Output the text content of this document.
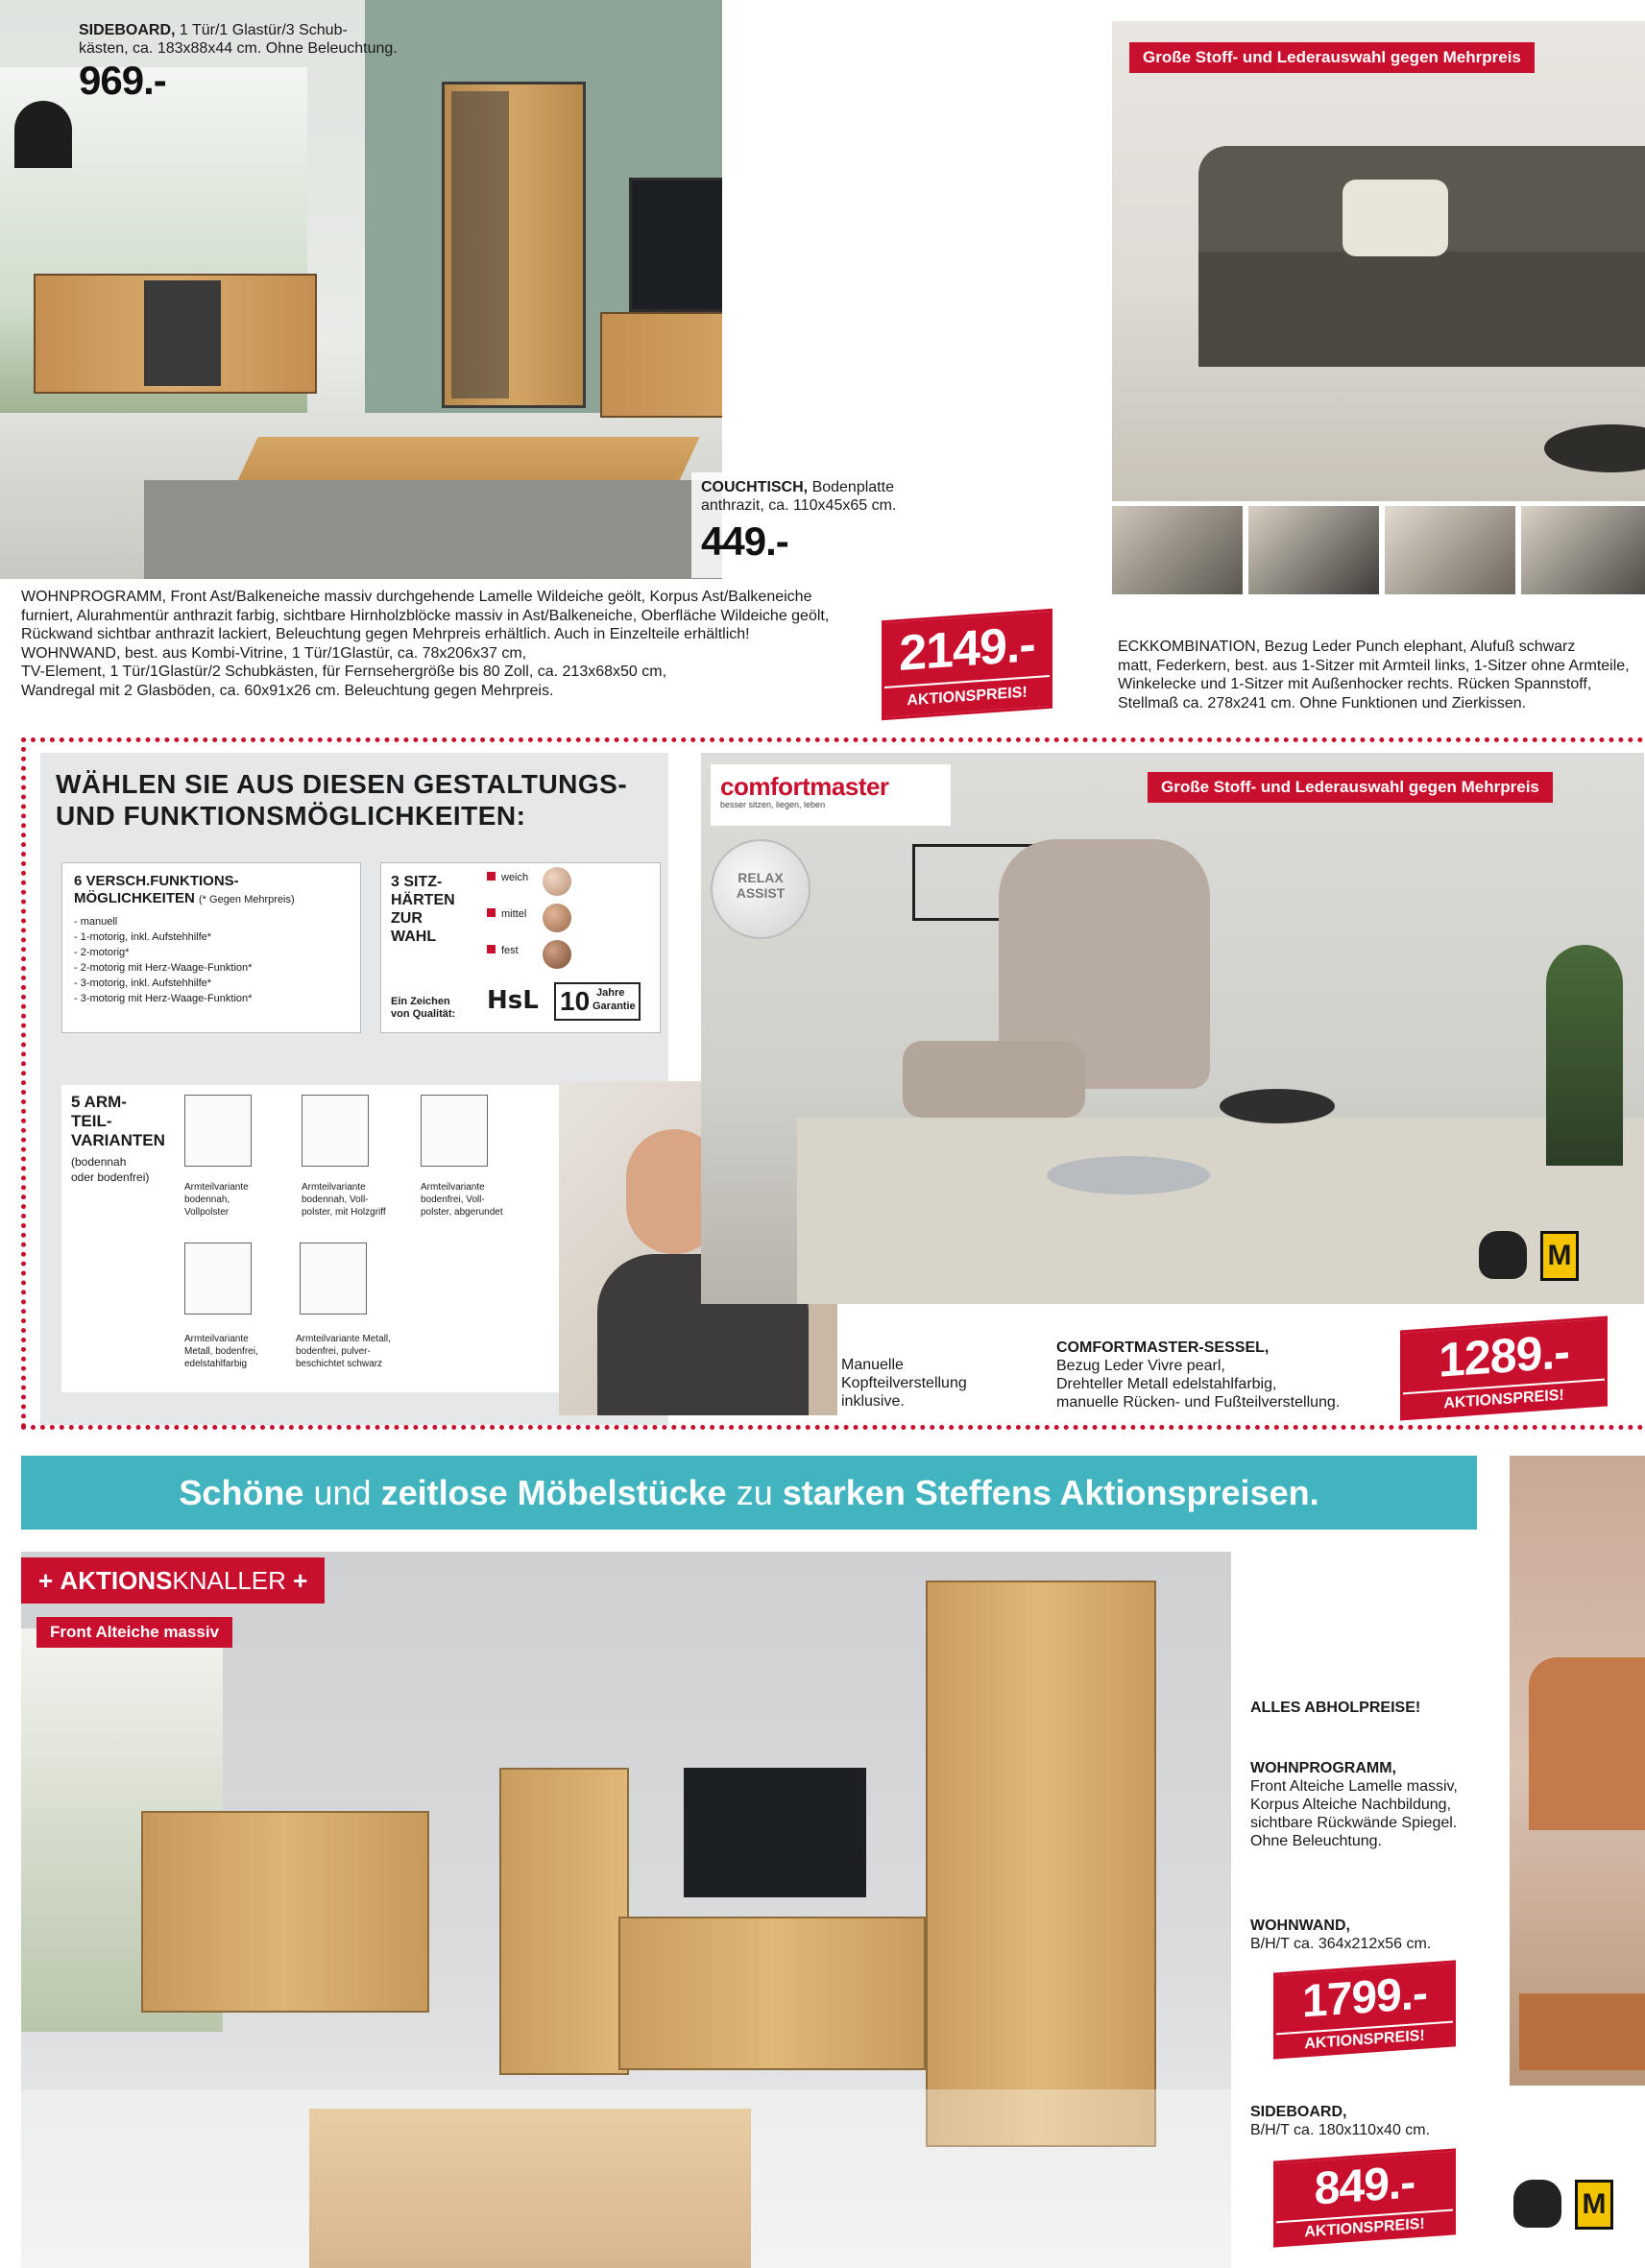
SIDEBOARD, 1 Tür/1 Glastür/3 Schub-
kästen, ca. 183x88x44 cm. Ohne Beleuchtung.
969.-
COUCHTISCH, Bodenplatte
anthrazit, ca. 110x45x65 cm.
449.-
WOHNPROGRAMM, Front Ast/Balkeneiche massiv durchgehende Lamelle Wildeiche geölt, Korpus Ast/Balkeneiche
furniert, Alurahmentür anthrazit farbig, sichtbare Hirnholzblöcke massiv in Ast/Balkeneiche, Oberfläche Wildeiche geölt,
Rückwand sichtbar anthrazit lackiert, Beleuchtung gegen Mehrpreis erhältlich. Auch in Einzelteile erhältlich!
WOHNWAND, best. aus Kombi-Vitrine, 1 Tür/1Glastür, ca. 78x206x37 cm,
TV-Element, 1 Tür/1Glastür/2 Schubkästen, für Fernsehergröße bis 80 Zoll, ca. 213x68x50 cm,
Wandregal mit 2 Glasböden, ca. 60x91x26 cm. Beleuchtung gegen Mehrpreis.
2149.-
AKTIONSPREIS!
Große Stoff- und Lederauswahl gegen Mehrpreis
ECKKOMBINATION, Bezug Leder Punch elephant, Alufuß schwarz
matt, Federkern, best. aus 1-Sitzer mit Armteil links, 1-Sitzer ohne Armteile,
Winkelecke und 1-Sitzer mit Außenhocker rechts. Rücken Spannstoff,
Stellmaß ca. 278x241 cm. Ohne Funktionen und Zierkissen.
WÄHLEN SIE AUS DIESEN GESTALTUNGS-
UND FUNKTIONSMÖGLICHKEITEN:
6 VERSCH.FUNKTIONS-
MÖGLICHKEITEN (* Gegen Mehrpreis)
- manuell
- 1-motorig, inkl. Aufstehhilfe*
- 2-motorig*
- 2-motorig mit Herz-Waage-Funktion*
- 3-motorig, inkl. Aufstehhilfe*
- 3-motorig mit Herz-Waage-Funktion*
3 SITZ-
HÄRTEN
ZUR
WAHL
weich
mittel
fest
Ein Zeichen
von Qualität: HsL 10 Jahre
Garantie
5 ARM-
TEIL-
VARIANTEN
(bodennah
oder bodenfrei)
Armteilvariante
bodennah,
Vollpolster
Armteilvariante
bodennah, Voll-
polster, mit Holzgriff
Armteilvariante
bodenfrei, Voll-
polster, abgerundet
Armteilvariante
Metall, bodenfrei,
edelstahlfarbig
Armteilvariante Metall,
bodenfrei, pulver-
beschichtet schwarz
comfortmaster
besser sitzen, liegen, leben
RELAX
ASSIST
Große Stoff- und Lederauswahl gegen Mehrpreis
M
Manuelle
Kopfteilverstellung
inklusive.
COMFORTMASTER-SESSEL,
Bezug Leder Vivre pearl,
Drehteller Metall edelstahlfarbig,
manuelle Rücken- und Fußteilverstellung.
1289.-
AKTIONSPREIS!
Schöne und zeitlose Möbelstücke zu starken Steffens Aktionspreisen.
+ AKTIONSKNALLER +
Front Alteiche massiv
ALLES ABHOLPREISE!
WOHNPROGRAMM,
Front Alteiche Lamelle massiv,
Korpus Alteiche Nachbildung,
sichtbare Rückwände Spiegel.
Ohne Beleuchtung.
WOHNWAND,
B/H/T ca. 364x212x56 cm.
1799.-
AKTIONSPREIS!
SIDEBOARD,
B/H/T ca. 180x110x40 cm.
849.-
AKTIONSPREIS!
M
6
